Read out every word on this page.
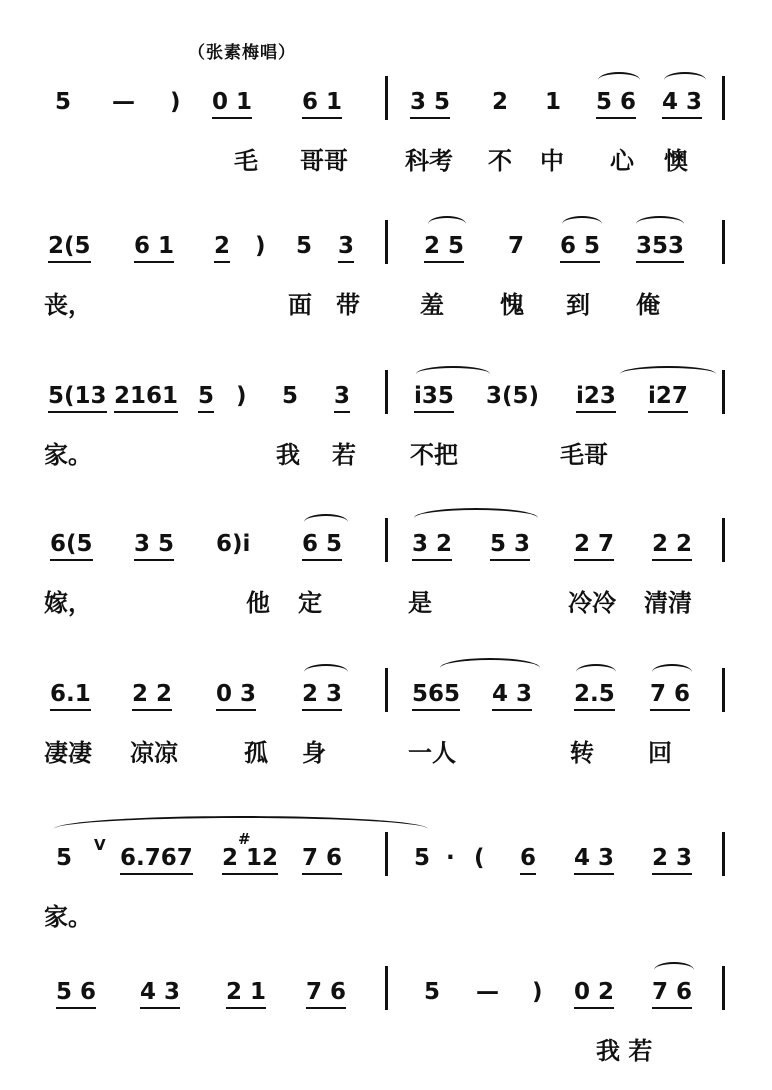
（张素梅唱）
5 — ) 0 1 6 1	3 5 2 1 5 6 4 3
毛 哥哥 科考 不 中 心 懊
2(5 6 1 2 ) 5 3	2 5 7 6 5 353
丧，	面 带	羞 愧 到 俺
5(13 2161 5 ) 5 3	i35 3(5) i23 i27
家。	我 若 不把	毛哥
6(5 3 5 6)i 6 5	3 2 5 3 2 7 2 2
嫁，	他 定	是	冷冷 清清
6.1 2 2 0 3 2 3	565 4 3 2.5 7 6
凄凄 凉凉	孤 身	一人	转 回
5 V 6.767
#
2 12 7 6	5 · ( 6 4 3 2 3
家。
5 6 4 3 2 1 7 6	5 — ) 0 2 7 6
我 若
